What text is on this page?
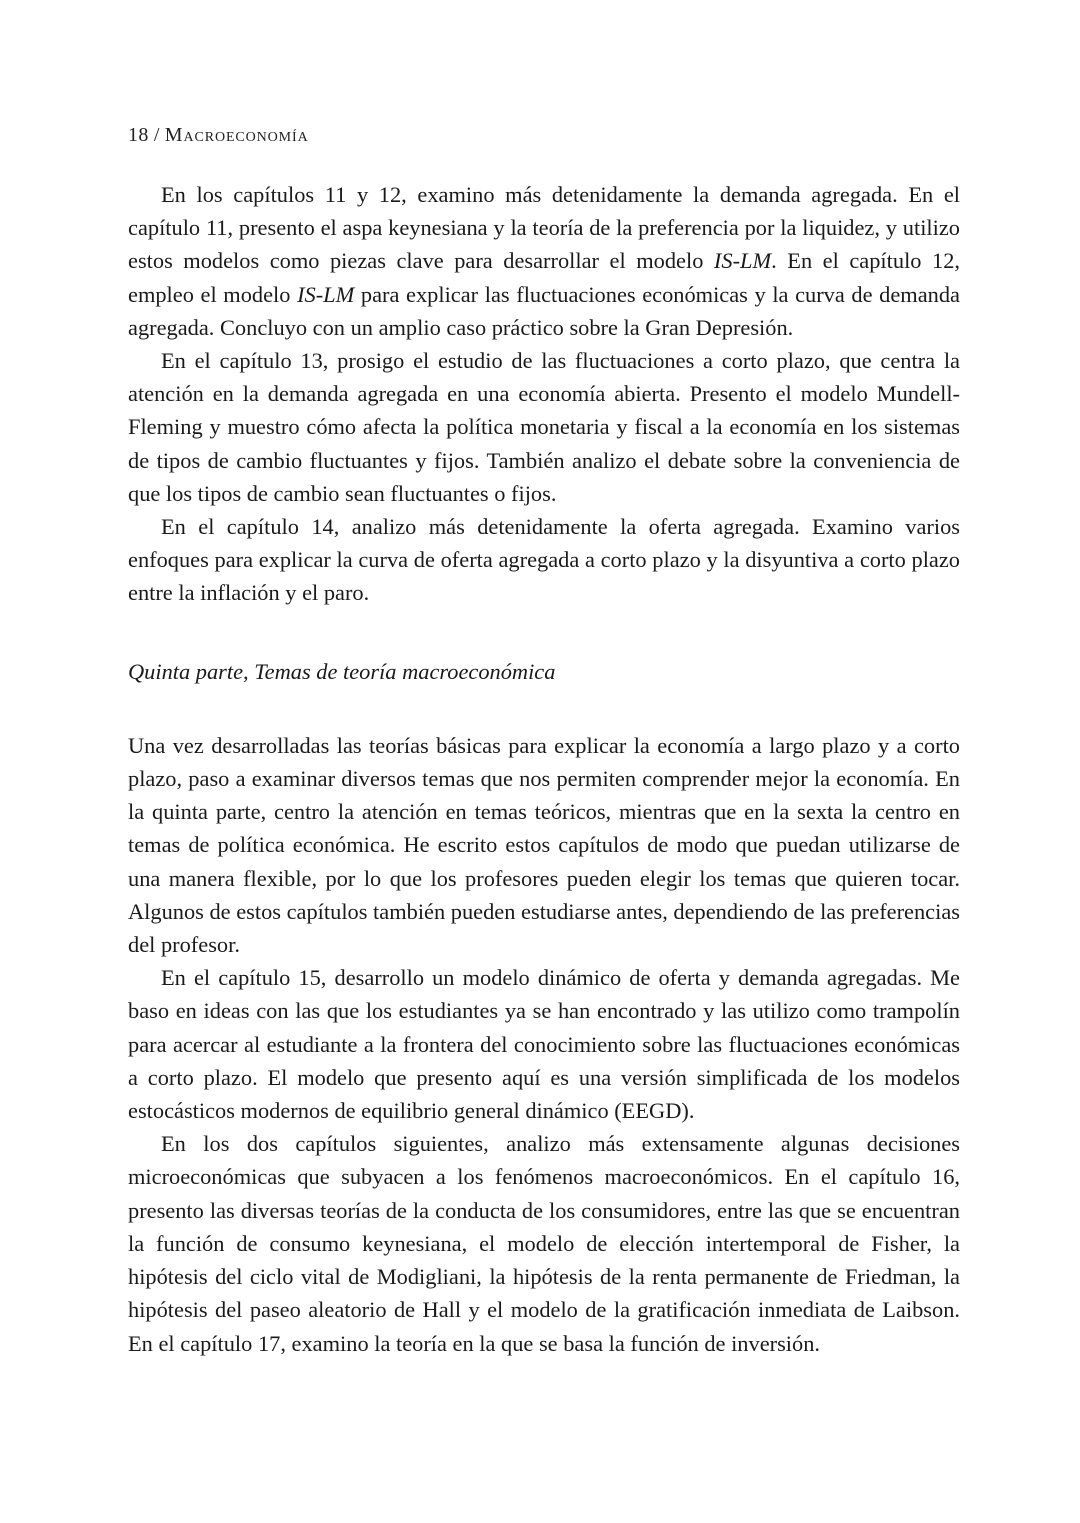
18 / Macroeconomía

En los capítulos 11 y 12, examino más detenidamente la demanda agregada. En el capítulo 11, presento el aspa keynesiana y la teoría de la preferencia por la liquidez, y utilizo estos modelos como piezas clave para desarrollar el modelo IS-LM. En el capítulo 12, empleo el modelo IS-LM para explicar las fluctuaciones económicas y la curva de demanda agregada. Concluyo con un amplio caso práctico sobre la Gran Depresión.

En el capítulo 13, prosigo el estudio de las fluctuaciones a corto plazo, que centra la atención en la demanda agregada en una economía abierta. Presento el modelo Mundell-Fleming y muestro cómo afecta la política monetaria y fiscal a la economía en los sistemas de tipos de cambio fluctuantes y fijos. También analizo el debate sobre la conveniencia de que los tipos de cambio sean fluctuantes o fijos.

En el capítulo 14, analizo más detenidamente la oferta agregada. Examino varios enfoques para explicar la curva de oferta agregada a corto plazo y la disyuntiva a corto plazo entre la inflación y el paro.

Quinta parte, Temas de teoría macroeconómica

Una vez desarrolladas las teorías básicas para explicar la economía a largo plazo y a corto plazo, paso a examinar diversos temas que nos permiten comprender mejor la economía. En la quinta parte, centro la atención en temas teóricos, mientras que en la sexta la centro en temas de política económica. He escrito estos capítulos de modo que puedan utilizarse de una manera flexible, por lo que los profesores pueden elegir los temas que quieren tocar. Algunos de estos capítulos también pueden estudiarse antes, dependiendo de las preferencias del profesor.

En el capítulo 15, desarrollo un modelo dinámico de oferta y demanda agregadas. Me baso en ideas con las que los estudiantes ya se han encontrado y las utilizo como trampolín para acercar al estudiante a la frontera del conocimiento sobre las fluctuaciones económicas a corto plazo. El modelo que presento aquí es una versión simplificada de los modelos estocásticos modernos de equilibrio general dinámico (EEGD).

En los dos capítulos siguientes, analizo más extensamente algunas decisiones microeconómicas que subyacen a los fenómenos macroeconómicos. En el capítulo 16, presento las diversas teorías de la conducta de los consumidores, entre las que se encuentran la función de consumo keynesiana, el modelo de elección intertemporal de Fisher, la hipótesis del ciclo vital de Modigliani, la hipótesis de la renta permanente de Friedman, la hipótesis del paseo aleatorio de Hall y el modelo de la gratificación inmediata de Laibson. En el capítulo 17, examino la teoría en la que se basa la función de inversión.
